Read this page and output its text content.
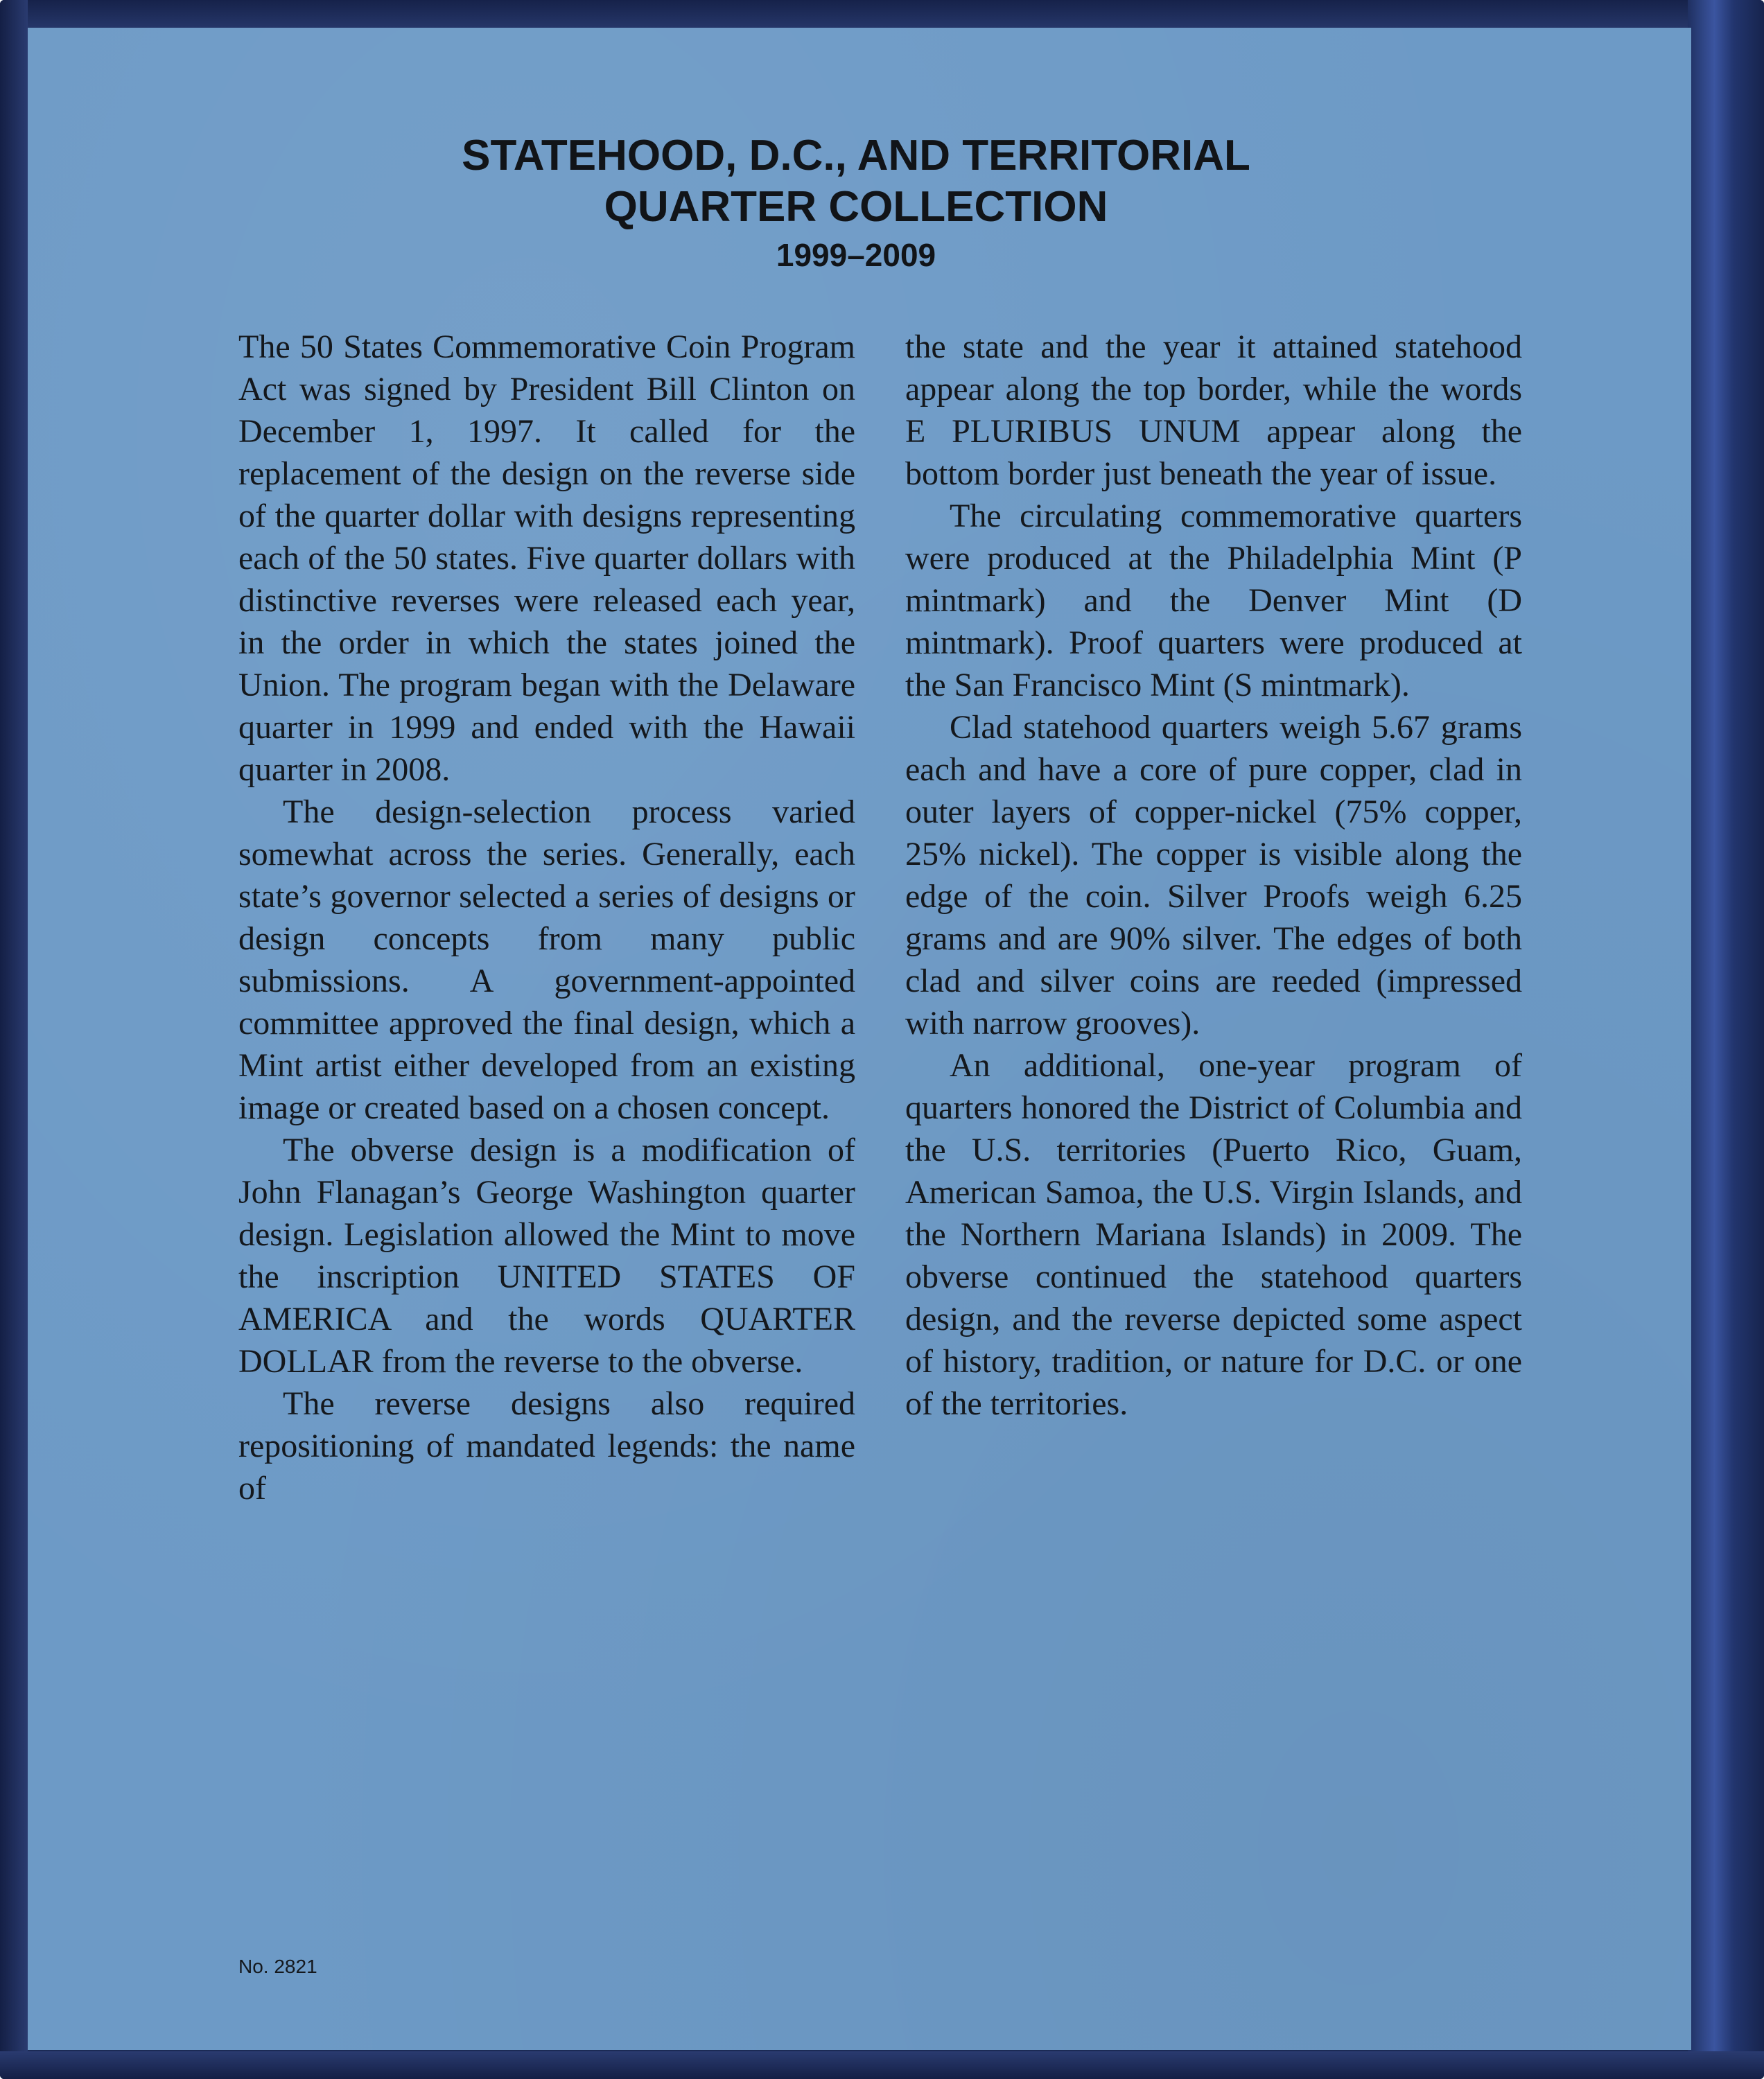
STATEHOOD, D.C., AND TERRITORIAL
QUARTER COLLECTION
1999–2009

The 50 States Commemorative Coin Program Act was signed by President Bill Clinton on December 1, 1997. It called for the replacement of the design on the reverse side of the quarter dollar with designs representing each of the 50 states. Five quarter dollars with distinctive reverses were released each year, in the order in which the states joined the Union. The program began with the Delaware quarter in 1999 and ended with the Hawaii quarter in 2008.

The design-selection process varied somewhat across the series. Generally, each state’s governor selected a series of designs or design concepts from many public submissions. A government-appointed committee approved the final design, which a Mint artist either developed from an existing image or created based on a chosen concept.

The obverse design is a modification of John Flanagan’s George Washington quarter design. Legislation allowed the Mint to move the inscription UNITED STATES OF AMERICA and the words QUARTER DOLLAR from the reverse to the obverse.

The reverse designs also required repositioning of mandated legends: the name of

the state and the year it attained statehood appear along the top border, while the words E PLURIBUS UNUM appear along the bottom border just beneath the year of issue.

The circulating commemorative quarters were produced at the Philadelphia Mint (P mintmark) and the Denver Mint (D mintmark). Proof quarters were produced at the San Francisco Mint (S mintmark).

Clad statehood quarters weigh 5.67 grams each and have a core of pure copper, clad in outer layers of copper-nickel (75% copper, 25% nickel). The copper is visible along the edge of the coin. Silver Proofs weigh 6.25 grams and are 90% silver. The edges of both clad and silver coins are reeded (impressed with narrow grooves).

An additional, one-year program of quarters honored the District of Columbia and the U.S. territories (Puerto Rico, Guam, American Samoa, the U.S. Virgin Islands, and the Northern Mariana Islands) in 2009. The obverse continued the statehood quarters design, and the reverse depicted some aspect of history, tradition, or nature for D.C. or one of the territories.

No. 2821
